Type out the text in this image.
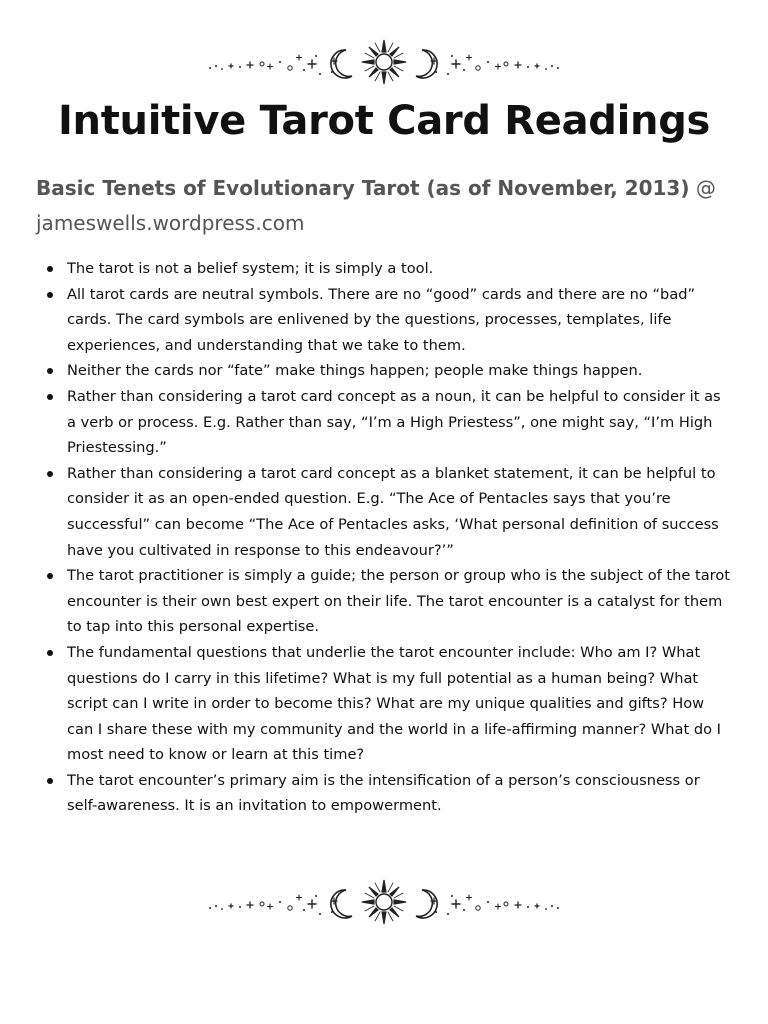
Intuitive Tarot Card Readings

Basic Tenets of Evolutionary Tarot (as of November, 2013) @ jameswells.wordpress.com

The tarot is not a belief system; it is simply a tool.
All tarot cards are neutral symbols. There are no “good” cards and there are no “bad” cards. The card symbols are enlivened by the questions, processes, templates, life experiences, and understanding that we take to them.
Neither the cards nor “fate” make things happen; people make things happen.
Rather than considering a tarot card concept as a noun, it can be helpful to consider it as a verb or process. E.g. Rather than say, “I’m a High Priestess”, one might say, “I’m High Priestessing.”
Rather than considering a tarot card concept as a blanket statement, it can be helpful to consider it as an open-ended question. E.g. “The Ace of Pentacles says that you’re successful” can become “The Ace of Pentacles asks, ‘What personal definition of success have you cultivated in response to this endeavour?’”
The tarot practitioner is simply a guide; the person or group who is the subject of the tarot encounter is their own best expert on their life. The tarot encounter is a catalyst for them to tap into this personal expertise.
The fundamental questions that underlie the tarot encounter include: Who am I? What questions do I carry in this lifetime? What is my full potential as a human being? What script can I write in order to become this? What are my unique qualities and gifts? How can I share these with my community and the world in a life-affirming manner? What do I most need to know or learn at this time?
The tarot encounter’s primary aim is the intensification of a person’s consciousness or self-awareness. It is an invitation to empowerment.
